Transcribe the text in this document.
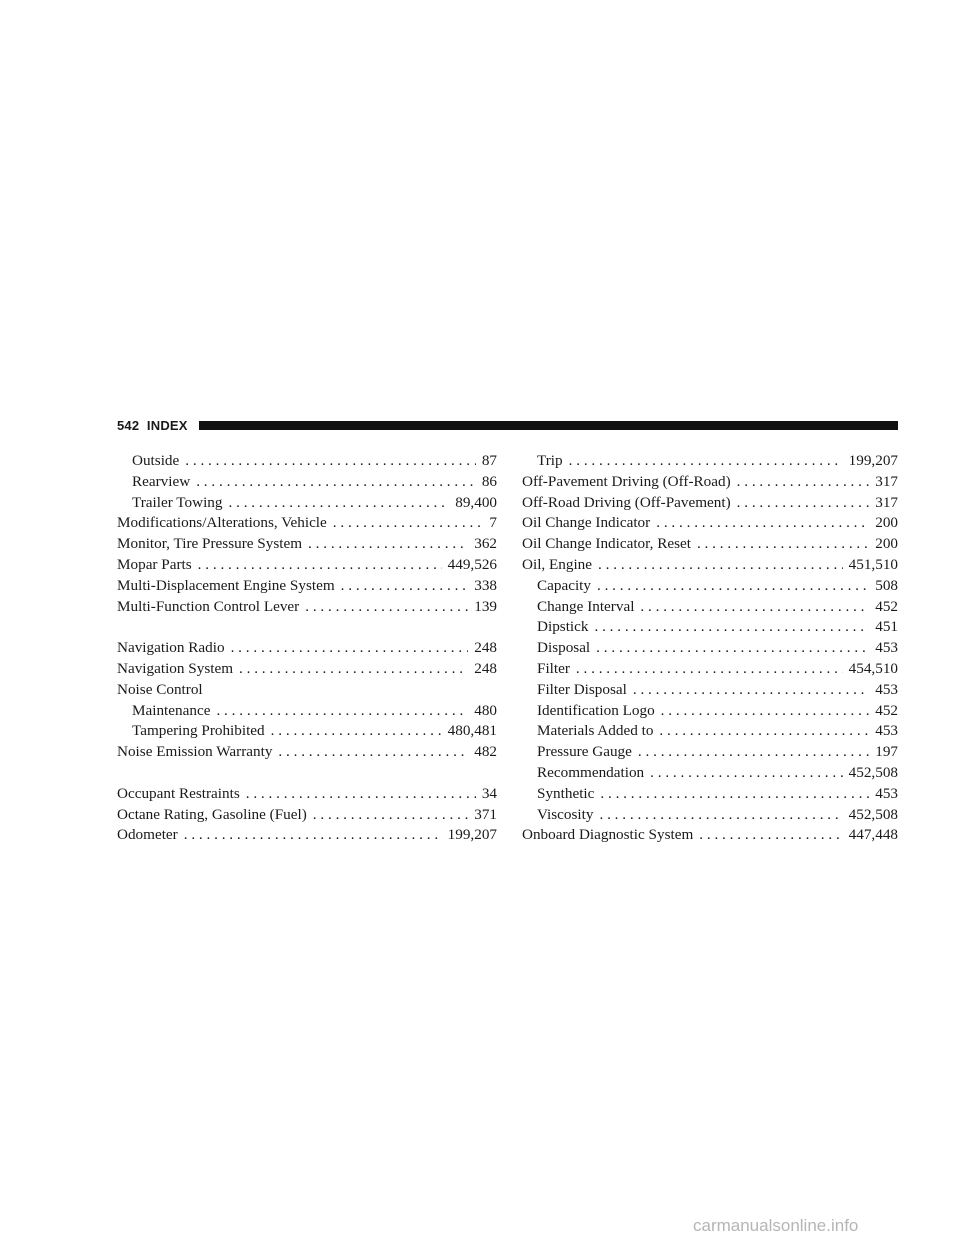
542 INDEX
Outside . . .	87
Rearview . . .	86
Trailer Towing . . .	89,400
Modifications/Alterations, Vehicle . . .	7
Monitor, Tire Pressure System . . .	362
Mopar Parts . . .	449,526
Multi-Displacement Engine System . . .	338
Multi-Function Control Lever . . .	139
Navigation Radio . . .	248
Navigation System . . .	248
Noise Control
Maintenance . . .	480
Tampering Prohibited . . .	480,481
Noise Emission Warranty . . .	482
Occupant Restraints . . .	34
Octane Rating, Gasoline (Fuel) . . .	371
Odometer . . .	199,207
Trip . . .	199,207
Off-Pavement Driving (Off-Road) . . .	317
Off-Road Driving (Off-Pavement) . . .	317
Oil Change Indicator . . .	200
Oil Change Indicator, Reset . . .	200
Oil, Engine . . .	451,510
Capacity . . .	508
Change Interval . . .	452
Dipstick . . .	451
Disposal . . .	453
Filter . . .	454,510
Filter Disposal . . .	453
Identification Logo . . .	452
Materials Added to . . .	453
Pressure Gauge . . .	197
Recommendation . . .	452,508
Synthetic . . .	453
Viscosity . . .	452,508
Onboard Diagnostic System . . .	447,448
carmanualsonline.info
